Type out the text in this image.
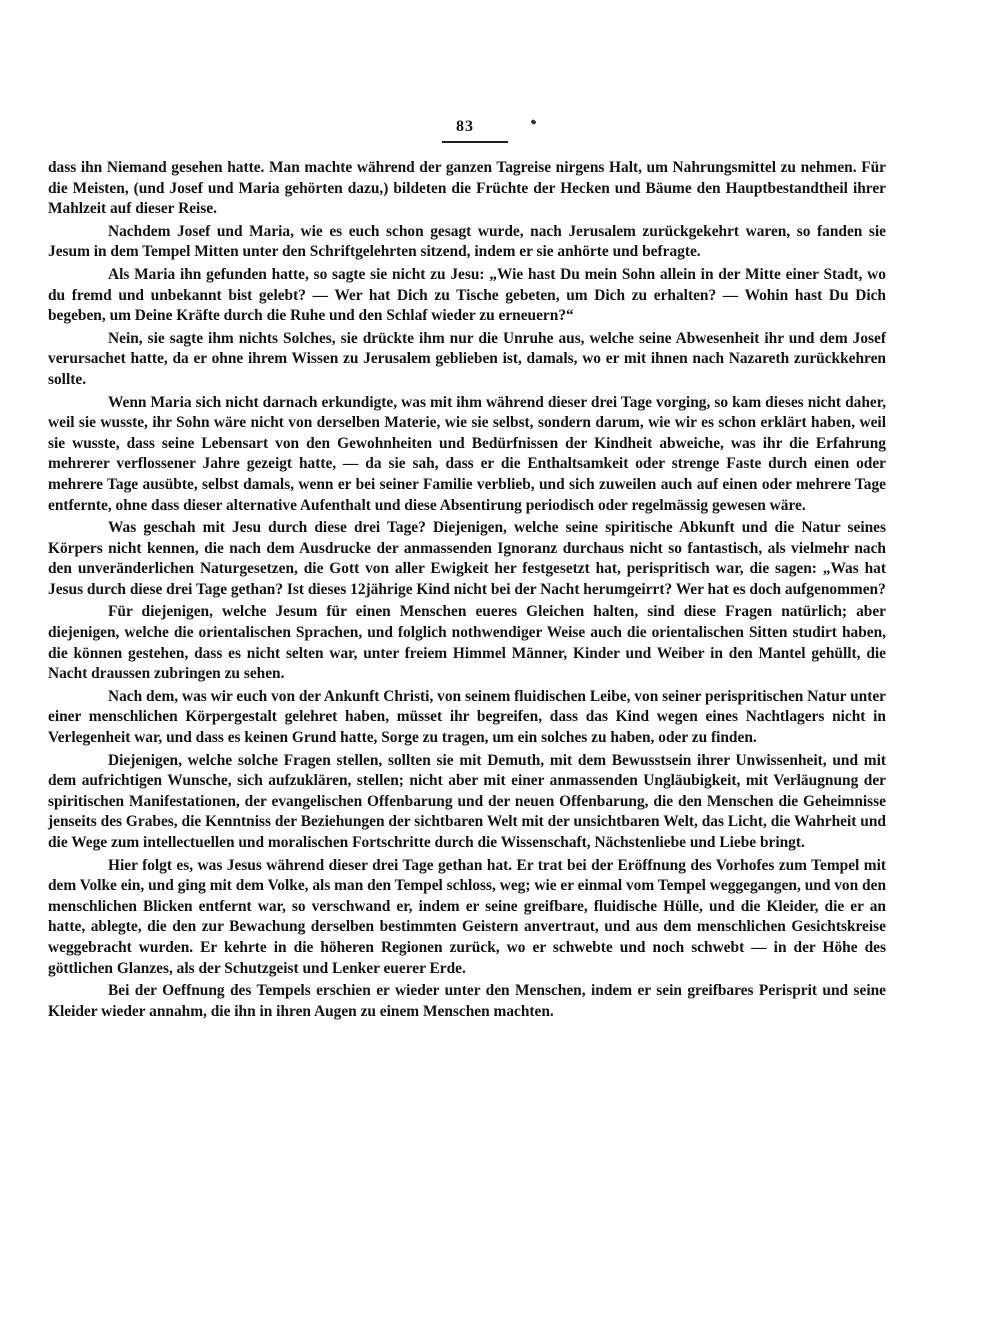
83

dass ihn Niemand gesehen hatte. Man machte während der ganzen Tagreise nirgens Halt, um Nahrungsmittel zu nehmen. Für die Meisten, (und Josef und Maria gehörten dazu,) bildeten die Früchte der Hecken und Bäume den Hauptbestandtheil ihrer Mahlzeit auf dieser Reise.

Nachdem Josef und Maria, wie es euch schon gesagt wurde, nach Jerusalem zurückgekehrt waren, so fanden sie Jesum in dem Tempel Mitten unter den Schriftgelehrten sitzend, indem er sie anhörte und befragte.

Als Maria ihn gefunden hatte, so sagte sie nicht zu Jesu: „Wie hast Du mein Sohn allein in der Mitte einer Stadt, wo du fremd und unbekannt bist gelebt? — Wer hat Dich zu Tische gebeten, um Dich zu erhalten? — Wohin hast Du Dich begeben, um Deine Kräfte durch die Ruhe und den Schlaf wieder zu erneuern?“

Nein, sie sagte ihm nichts Solches, sie drückte ihm nur die Unruhe aus, welche seine Abwesenheit ihr und dem Josef verursachet hatte, da er ohne ihrem Wissen zu Jerusalem geblieben ist, damals, wo er mit ihnen nach Nazareth zurückkehren sollte.

Wenn Maria sich nicht darnach erkundigte, was mit ihm während dieser drei Tage vorging, so kam dieses nicht daher, weil sie wusste, ihr Sohn wäre nicht von derselben Materie, wie sie selbst, sondern darum, wie wir es schon erklärt haben, weil sie wusste, dass seine Lebensart von den Gewohnheiten und Bedürfnissen der Kindheit abweiche, was ihr die Erfahrung mehrerer verflossener Jahre gezeigt hatte, — da sie sah, dass er die Enthaltsamkeit oder strenge Faste durch einen oder mehrere Tage ausübte, selbst damals, wenn er bei seiner Familie verblieb, und sich zuweilen auch auf einen oder mehrere Tage entfernte, ohne dass dieser alternative Aufenthalt und diese Absentirung periodisch oder regelmässig gewesen wäre.

Was geschah mit Jesu durch diese drei Tage? Diejenigen, welche seine spiritische Abkunft und die Natur seines Körpers nicht kennen, die nach dem Ausdrucke der anmassenden Ignoranz durchaus nicht so fantastisch, als vielmehr nach den unveränderlichen Naturgesetzen, die Gott von aller Ewigkeit her festgesetzt hat, perispritisch war, die sagen: „Was hat Jesus durch diese drei Tage gethan? Ist dieses 12jährige Kind nicht bei der Nacht herumgeirrt? Wer hat es doch aufgenommen?

Für diejenigen, welche Jesum für einen Menschen eueres Gleichen halten, sind diese Fragen natürlich; aber diejenigen, welche die orientalischen Sprachen, und folglich nothwendiger Weise auch die orientalischen Sitten studirt haben, die können gestehen, dass es nicht selten war, unter freiem Himmel Männer, Kinder und Weiber in den Mantel gehüllt, die Nacht draussen zubringen zu sehen.

Nach dem, was wir euch von der Ankunft Christi, von seinem fluidischen Leibe, von seiner perispritischen Natur unter einer menschlichen Körpergestalt gelehret haben, müsset ihr begreifen, dass das Kind wegen eines Nachtlagers nicht in Verlegenheit war, und dass es keinen Grund hatte, Sorge zu tragen, um ein solches zu haben, oder zu finden.

Diejenigen, welche solche Fragen stellen, sollten sie mit Demuth, mit dem Bewusstsein ihrer Unwissenheit, und mit dem aufrichtigen Wunsche, sich aufzuklären, stellen; nicht aber mit einer anmassenden Ungläubigkeit, mit Verläugnung der spiritischen Manifestationen, der evangelischen Offenbarung und der neuen Offenbarung, die den Menschen die Geheimnisse jenseits des Grabes, die Kenntniss der Beziehungen der sichtbaren Welt mit der unsichtbaren Welt, das Licht, die Wahrheit und die Wege zum intellectuellen und moralischen Fortschritte durch die Wissenschaft, Nächstenliebe und Liebe bringt.

Hier folgt es, was Jesus während dieser drei Tage gethan hat. Er trat bei der Eröffnung des Vorhofes zum Tempel mit dem Volke ein, und ging mit dem Volke, als man den Tempel schloss, weg; wie er einmal vom Tempel weggegangen, und von den menschlichen Blicken entfernt war, so verschwand er, indem er seine greifbare, fluidische Hülle, und die Kleider, die er an hatte, ablegte, die den zur Bewachung derselben bestimmten Geistern anvertraut, und aus dem menschlichen Gesichtskreise weggebracht wurden. Er kehrte in die höheren Regionen zurück, wo er schwebte und noch schwebt — in der Höhe des göttlichen Glanzes, als der Schutzgeist und Lenker euerer Erde.

Bei der Oeffnung des Tempels erschien er wieder unter den Menschen, indem er sein greifbares Perisprit und seine Kleider wieder annahm, die ihn in ihren Augen zu einem Menschen machten.
